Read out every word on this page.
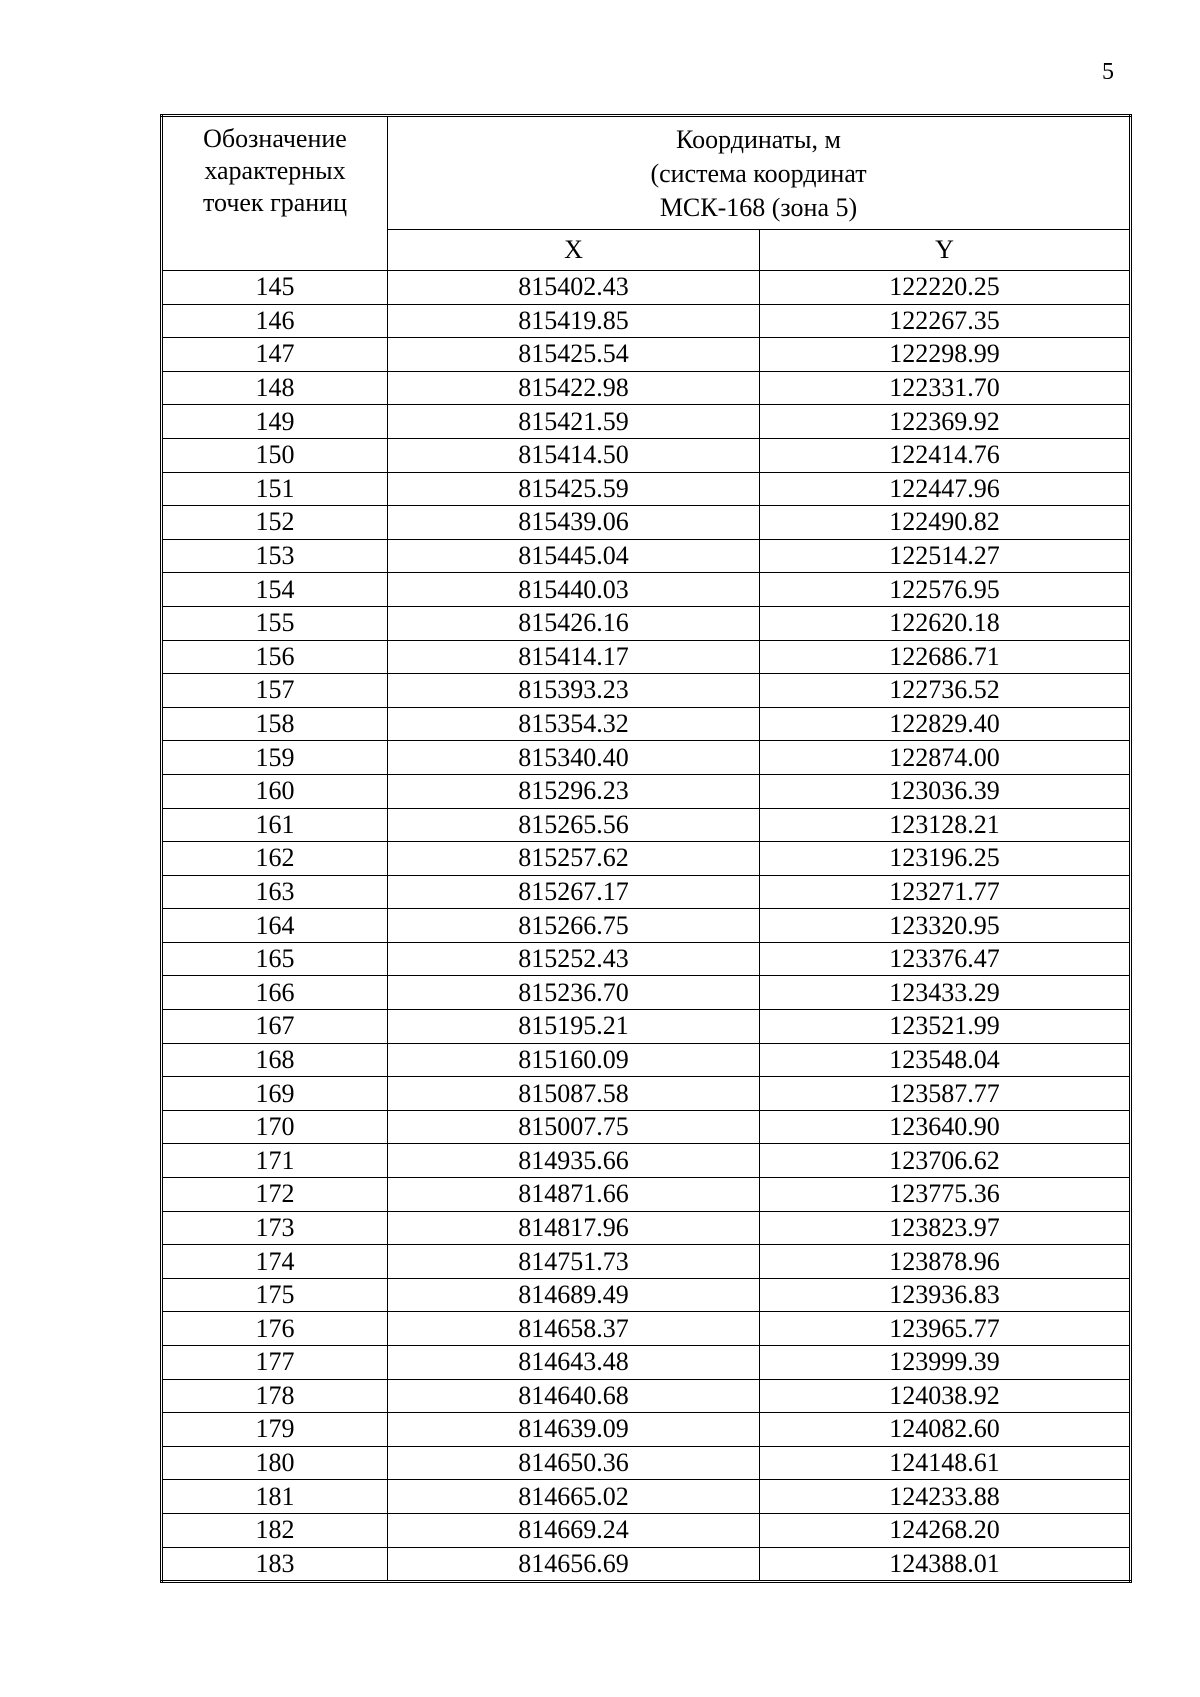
5
Обозначение
характерных
точек границ	Координаты, м
(система координат
МСК-168 (зона 5)	

	X	Y
145	815402.43	122220.25
146	815419.85	122267.35
147	815425.54	122298.99
148	815422.98	122331.70
149	815421.59	122369.92
150	815414.50	122414.76
151	815425.59	122447.96
152	815439.06	122490.82
153	815445.04	122514.27
154	815440.03	122576.95
155	815426.16	122620.18
156	815414.17	122686.71
157	815393.23	122736.52
158	815354.32	122829.40
159	815340.40	122874.00
160	815296.23	123036.39
161	815265.56	123128.21
162	815257.62	123196.25
163	815267.17	123271.77
164	815266.75	123320.95
165	815252.43	123376.47
166	815236.70	123433.29
167	815195.21	123521.99
168	815160.09	123548.04
169	815087.58	123587.77
170	815007.75	123640.90
171	814935.66	123706.62
172	814871.66	123775.36
173	814817.96	123823.97
174	814751.73	123878.96
175	814689.49	123936.83
176	814658.37	123965.77
177	814643.48	123999.39
178	814640.68	124038.92
179	814639.09	124082.60
180	814650.36	124148.61
181	814665.02	124233.88
182	814669.24	124268.20
183	814656.69	124388.01
